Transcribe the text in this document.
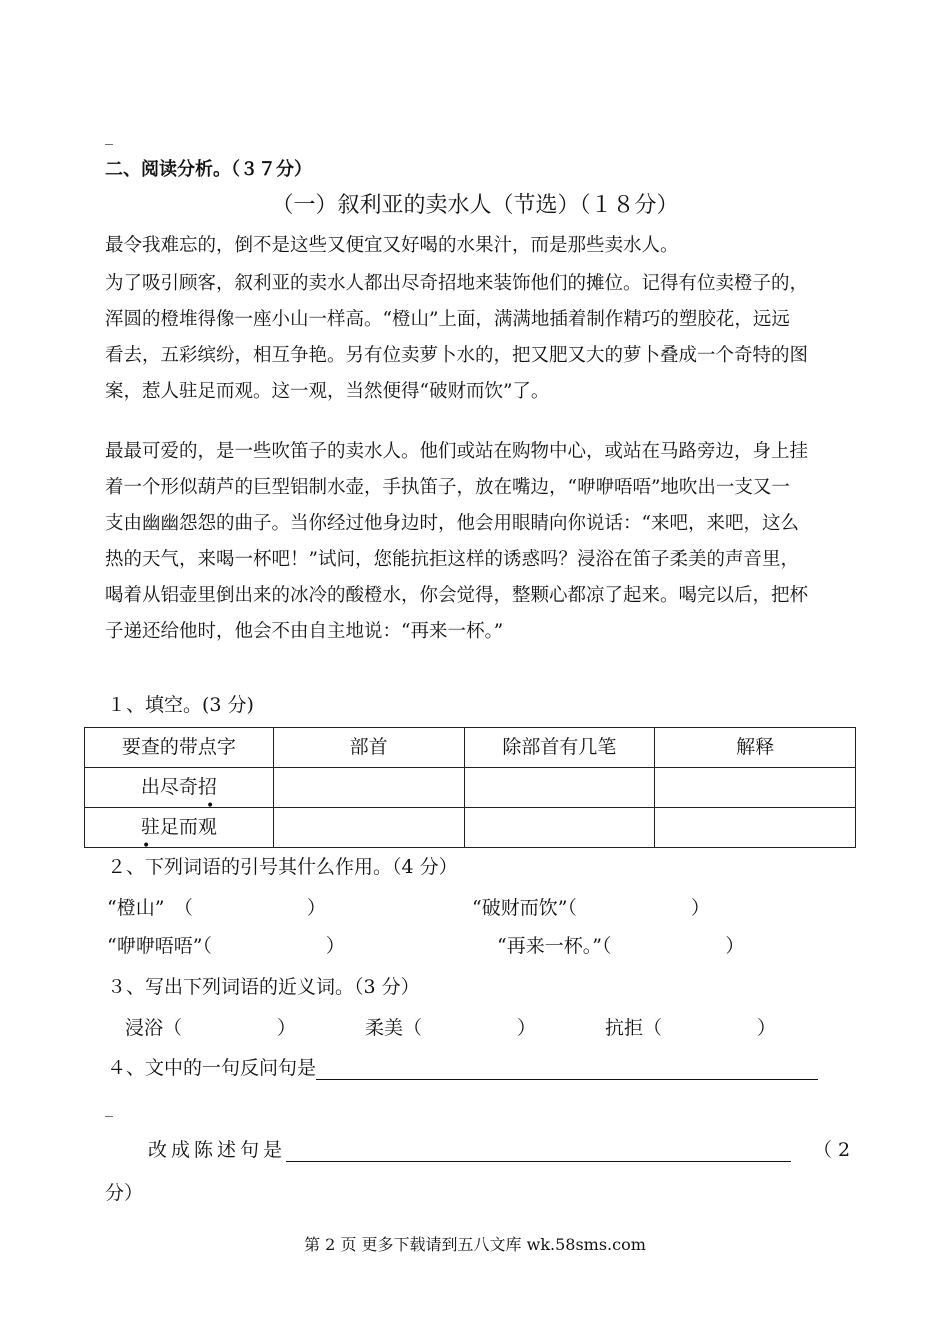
_
二、阅读分析。（３７分）
（一）叙利亚的卖水人（节选）（１８分）
最令我难忘的，倒不是这些又便宜又好喝的水果汁，而是那些卖水人。
为了吸引顾客，叙利亚的卖水人都出尽奇招地来装饰他们的摊位。记得有位卖橙子的，
浑圆的橙堆得像一座小山一样高。“橙山”上面，满满地插着制作精巧的塑胶花，远远
看去，五彩缤纷，相互争艳。另有位卖萝卜水的，把又肥又大的萝卜叠成一个奇特的图
案，惹人驻足而观。这一观，当然便得“破财而饮”了。
最最可爱的，是一些吹笛子的卖水人。他们或站在购物中心，或站在马路旁边，身上挂
着一个形似葫芦的巨型铝制水壶，手执笛子，放在嘴边，“咿咿唔唔”地吹出一支又一
支由幽幽怨怨的曲子。当你经过他身边时，他会用眼睛向你说话：“来吧，来吧，这么
热的天气，来喝一杯吧！”试问，您能抗拒这样的诱惑吗？浸浴在笛子柔美的声音里，
喝着从铝壶里倒出来的冰冷的酸橙水，你会觉得，整颗心都凉了起来。喝完以后，把杯
子递还给他时，他会不由自主地说：“再来一杯。”
１、填空。(3 分)
要查的带点字	部首	除部首有几笔	解释
出尽奇招
•			

驻足而观
•			

２、下列词语的引号其什么作用。（4 分）
“橙山”　（　　　　　　）	“破财而饮”（　　　　　　）
“咿咿唔唔”（　　　　　　）	“再来一杯。”（　　　　　　）
３、写出下列词语的近义词。（3 分）
浸浴（　　　　　）	柔美（　　　　　）	抗拒（　　　　　）
４、文中的一句反问句是
_
改成陈述句是	（2
分）
第 2 页 更多下载请到五八文库 wk.58sms.com
